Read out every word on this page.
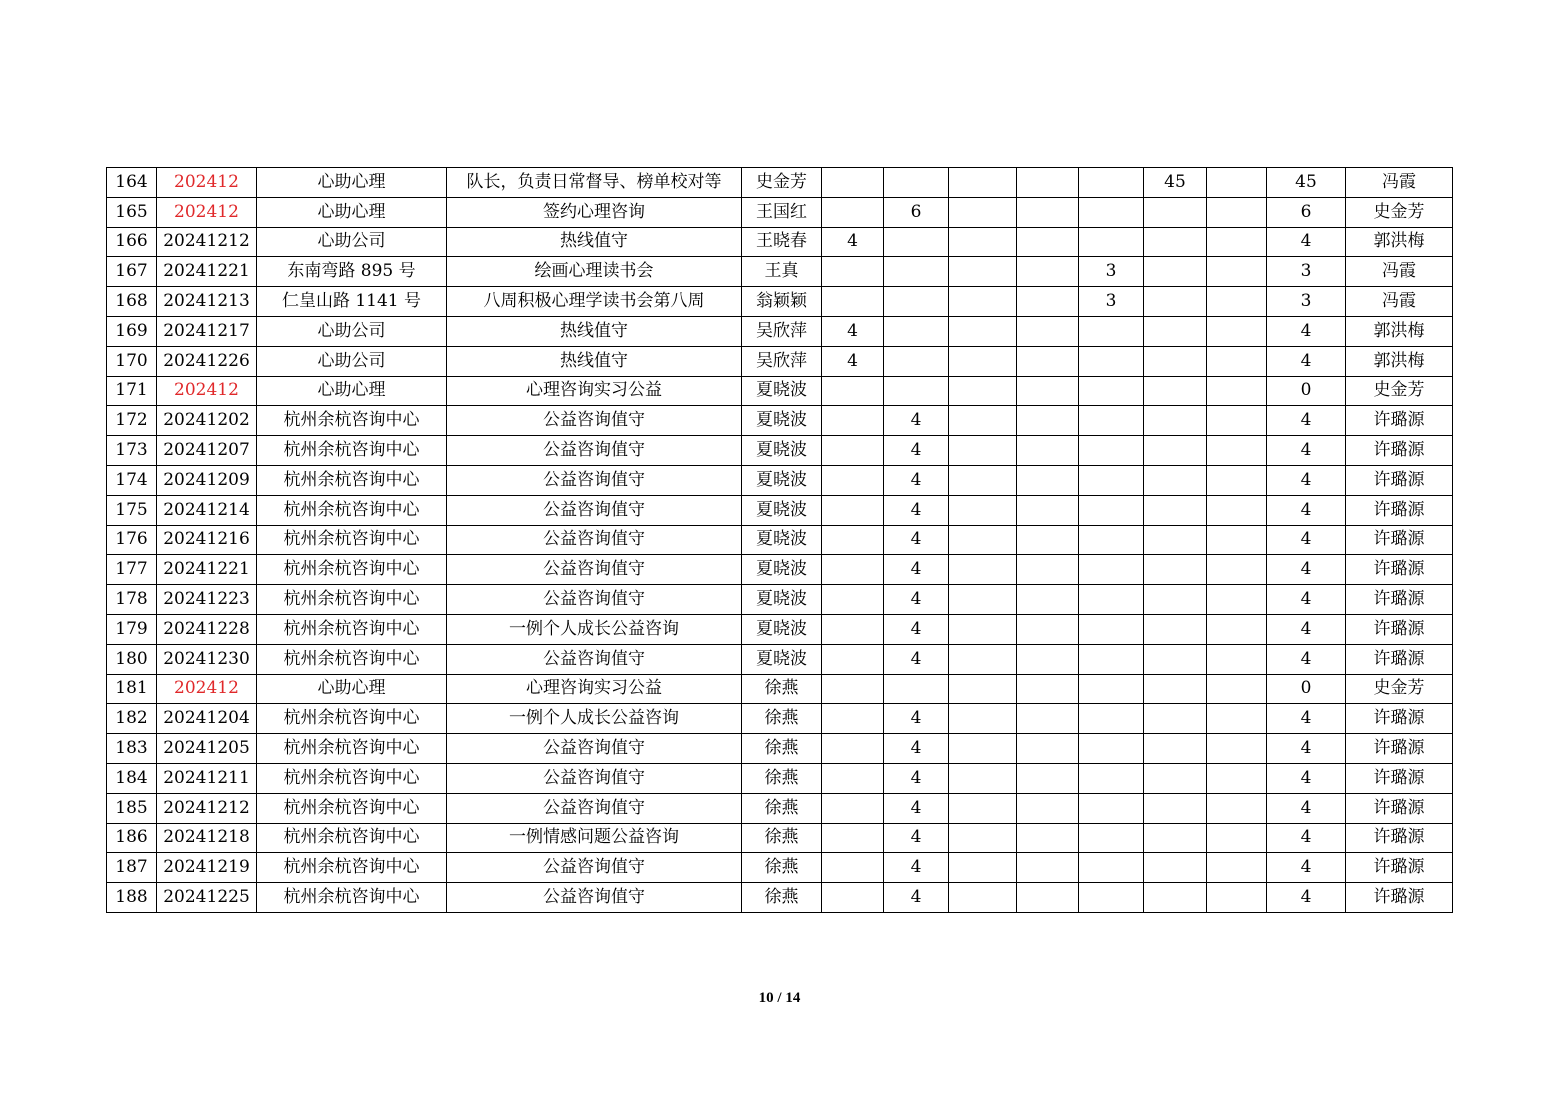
164	202412	心助心理	队长，负责日常督导、榜单校对等	史金芳						45		45	冯霞
165	202412	心助心理	签约心理咨询	王国红		6						6	史金芳
166	20241212	心助公司	热线值守	王晓春	4							4	郭洪梅
167	20241221	东南弯路 895 号	绘画心理读书会	王真					3			3	冯霞
168	20241213	仁皇山路 1141 号	八周积极心理学读书会第八周	翁颖颖					3			3	冯霞
169	20241217	心助公司	热线值守	吴欣萍	4							4	郭洪梅
170	20241226	心助公司	热线值守	吴欣萍	4							4	郭洪梅
171	202412	心助心理	心理咨询实习公益	夏晓波								0	史金芳
172	20241202	杭州余杭咨询中心	公益咨询值守	夏晓波		4						4	许璐源
173	20241207	杭州余杭咨询中心	公益咨询值守	夏晓波		4						4	许璐源
174	20241209	杭州余杭咨询中心	公益咨询值守	夏晓波		4						4	许璐源
175	20241214	杭州余杭咨询中心	公益咨询值守	夏晓波		4						4	许璐源
176	20241216	杭州余杭咨询中心	公益咨询值守	夏晓波		4						4	许璐源
177	20241221	杭州余杭咨询中心	公益咨询值守	夏晓波		4						4	许璐源
178	20241223	杭州余杭咨询中心	公益咨询值守	夏晓波		4						4	许璐源
179	20241228	杭州余杭咨询中心	一例个人成长公益咨询	夏晓波		4						4	许璐源
180	20241230	杭州余杭咨询中心	公益咨询值守	夏晓波		4						4	许璐源
181	202412	心助心理	心理咨询实习公益	徐燕								0	史金芳
182	20241204	杭州余杭咨询中心	一例个人成长公益咨询	徐燕		4						4	许璐源
183	20241205	杭州余杭咨询中心	公益咨询值守	徐燕		4						4	许璐源
184	20241211	杭州余杭咨询中心	公益咨询值守	徐燕		4						4	许璐源
185	20241212	杭州余杭咨询中心	公益咨询值守	徐燕		4						4	许璐源
186	20241218	杭州余杭咨询中心	一例情感问题公益咨询	徐燕		4						4	许璐源
187	20241219	杭州余杭咨询中心	公益咨询值守	徐燕		4						4	许璐源
188	20241225	杭州余杭咨询中心	公益咨询值守	徐燕		4						4	许璐源
10 / 14
